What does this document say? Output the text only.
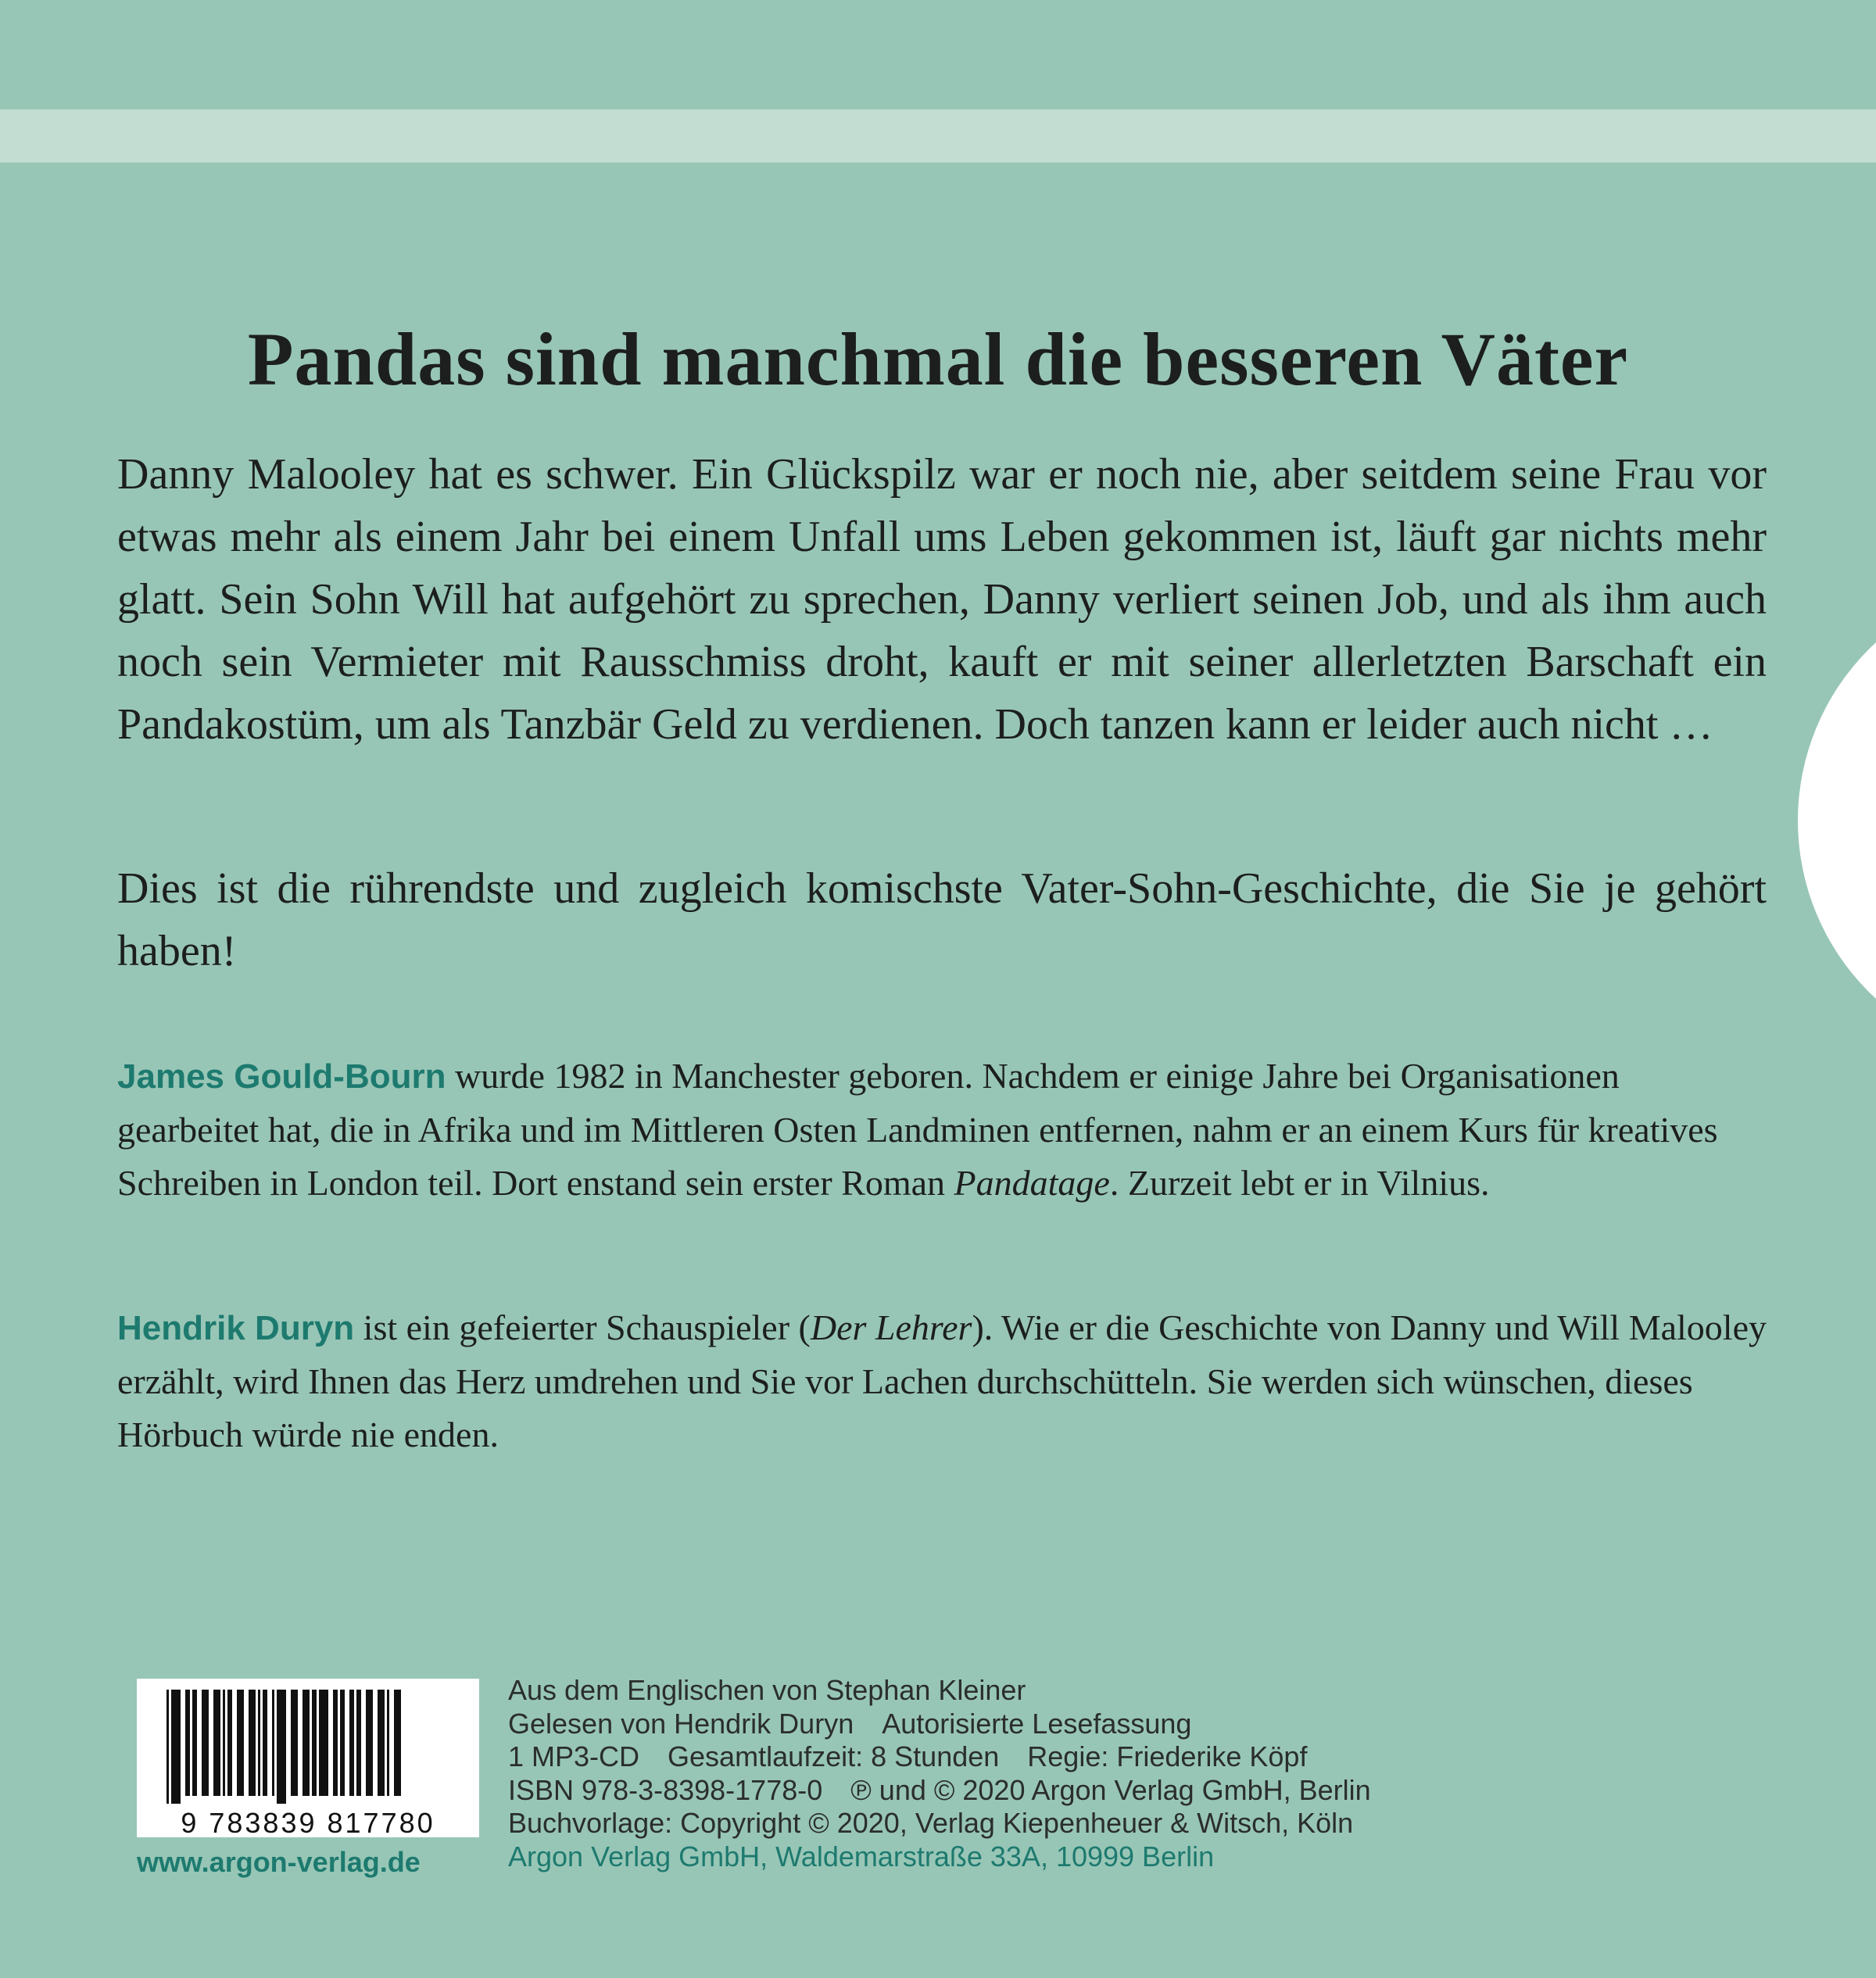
Pandas sind manchmal die besseren Väter

Danny Malooley hat es schwer. Ein Glückspilz war er noch nie, aber seitdem seine Frau vor etwas mehr als einem Jahr bei einem Unfall ums Leben gekommen ist, läuft gar nichts mehr glatt. Sein Sohn Will hat aufgehört zu sprechen, Danny verliert seinen Job, und als ihm auch noch sein Vermieter mit Rausschmiss droht, kauft er mit seiner allerletzten Barschaft ein Pandakostüm, um als Tanzbär Geld zu verdienen. Doch tanzen kann er leider auch nicht …

Dies ist die rührendste und zugleich komischste Vater-Sohn-Geschichte, die Sie je gehört haben!

James Gould-Bourn wurde 1982 in Manchester geboren. Nachdem er einige Jahre bei Organisationen gearbeitet hat, die in Afrika und im Mittleren Osten Landminen entfernen, nahm er an einem Kurs für kreatives Schreiben in London teil. Dort enstand sein erster Roman Pandatage. Zurzeit lebt er in Vilnius.

Hendrik Duryn ist ein gefeierter Schauspieler (Der Lehrer). Wie er die Geschichte von Danny und Will Malooley erzählt, wird Ihnen das Herz umdrehen und Sie vor Lachen durchschütteln. Sie werden sich wünschen, dieses Hörbuch würde nie enden.

9 783839 817780
www.argon-verlag.de
Aus dem Englischen von Stephan Kleiner
Gelesen von Hendrik Duryn Autorisierte Lesefassung
1 MP3-CD Gesamtlaufzeit: 8 Stunden Regie: Friederike Köpf
ISBN 978-3-8398-1778-0 ℗ und © 2020 Argon Verlag GmbH, Berlin
Buchvorlage: Copyright © 2020, Verlag Kiepenheuer & Witsch, Köln
Argon Verlag GmbH, Waldemarstraße 33A, 10999 Berlin
